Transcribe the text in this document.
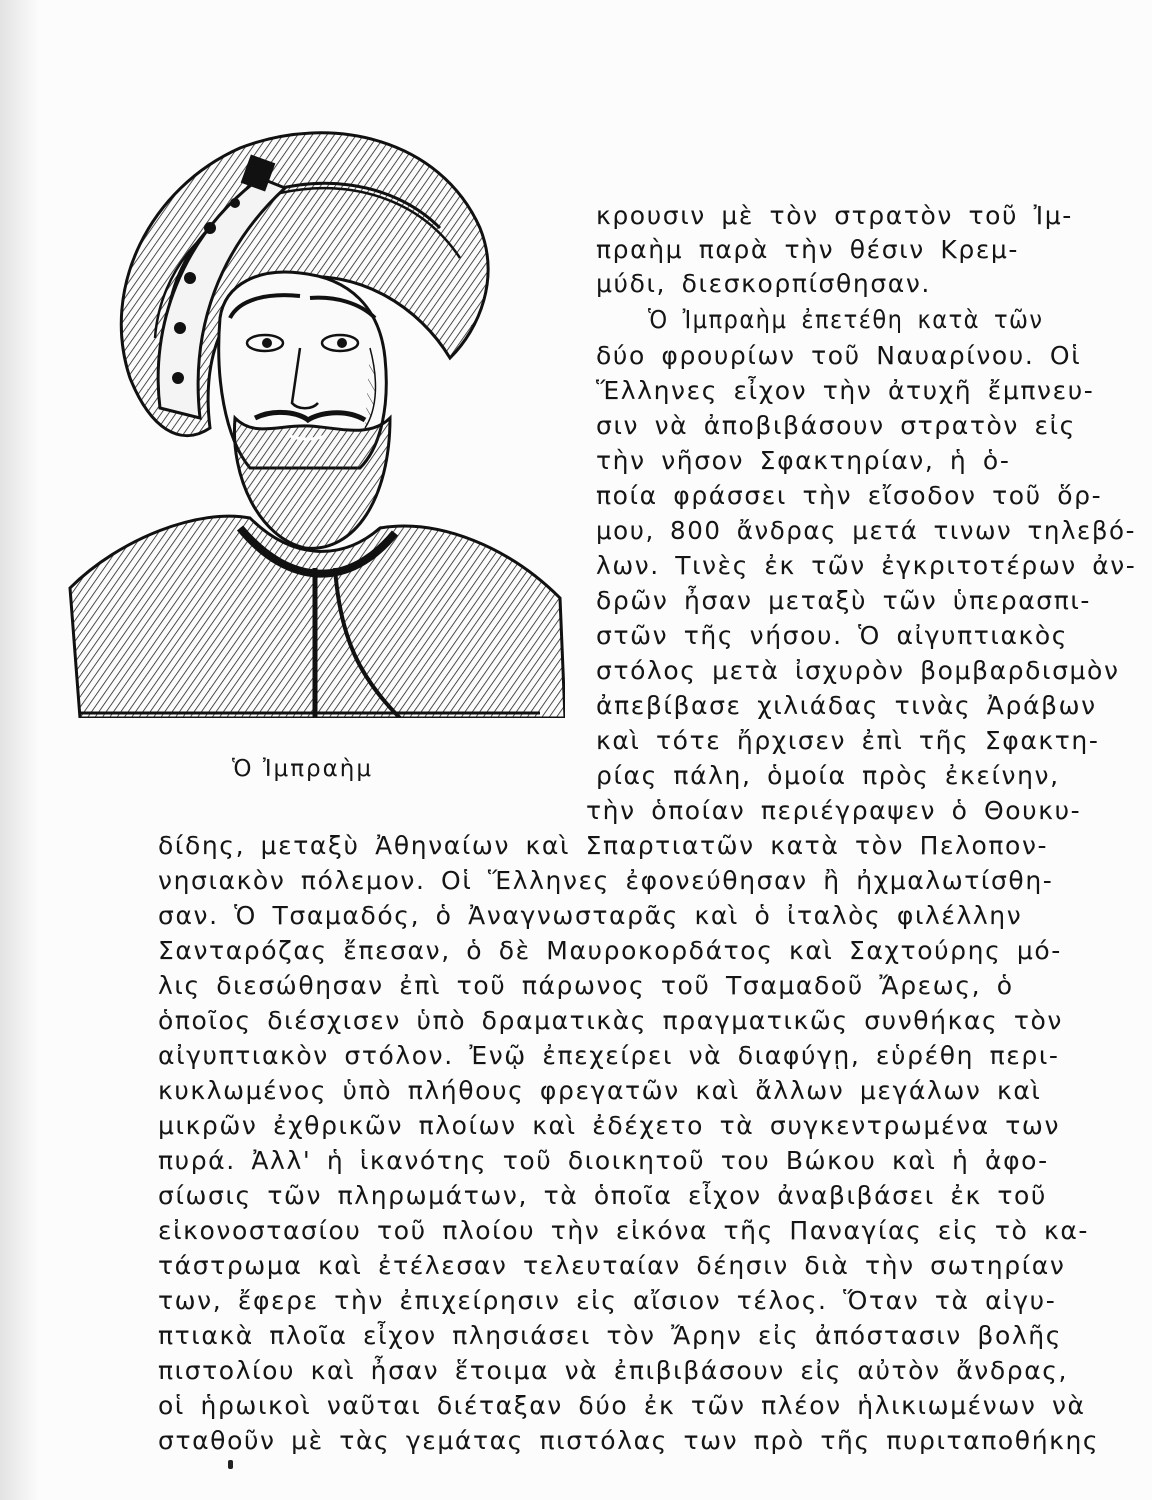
Ὁ Ἰμπραὴμ
κρουσιν μὲ τὸν στρατὸν τοῦ Ἰμ-
πραὴμ παρὰ τὴν θέσιν Κρεμ-
μύδι, διεσκορπίσθησαν.
Ὁ Ἰμπραὴμ ἐπετέθη κατὰ τῶν
δύο φρουρίων τοῦ Ναυαρίνου. Οἱ
Ἕλληνες εἶχον τὴν ἀτυχῆ ἔμπνευ-
σιν νὰ ἀποβιβάσουν στρατὸν εἰς
τὴν νῆσον Σφακτηρίαν, ἡ ὁ-
ποία φράσσει τὴν εἴσοδον τοῦ ὅρ-
μου, 800 ἄνδρας μετά τινων τηλεβό-
λων. Τινὲς ἐκ τῶν ἐγκριτοτέρων ἀν-
δρῶν ἦσαν μεταξὺ τῶν ὑπερασπι-
στῶν τῆς νήσου. Ὁ αἰγυπτιακὸς
στόλος μετὰ ἰσχυρὸν βομβαρδισμὸν
ἀπεβίβασε χιλιάδας τινὰς Ἀράβων
καὶ τότε ἤρχισεν ἐπὶ τῆς Σφακτη-
ρίας πάλη, ὁμοία πρὸς ἐκείνην,
τὴν ὁποίαν περιέγραψεν ὁ Θουκυ-
δίδης, μεταξὺ Ἀθηναίων καὶ Σπαρτιατῶν κατὰ τὸν Πελοπον-
νησιακὸν πόλεμον. Οἱ Ἕλληνες ἐφονεύθησαν ἢ ἠχμαλωτίσθη-
σαν. Ὁ Τσαμαδός, ὁ Ἀναγνωσταρᾶς καὶ ὁ ἰταλὸς φιλέλλην
Σανταρόζας ἔπεσαν, ὁ δὲ Μαυροκορδάτος καὶ Σαχτούρης μό-
λις διεσώθησαν ἐπὶ τοῦ πάρωνος τοῦ Τσαμαδοῦ Ἄρεως, ὁ
ὁποῖος διέσχισεν ὑπὸ δραματικὰς πραγματικῶς συνθήκας τὸν
αἰγυπτιακὸν στόλον. Ἐνῷ ἐπεχείρει νὰ διαφύγῃ, εὑρέθη περι-
κυκλωμένος ὑπὸ πλήθους φρεγατῶν καὶ ἄλλων μεγάλων καὶ
μικρῶν ἐχθρικῶν πλοίων καὶ ἐδέχετο τὰ συγκεντρωμένα των
πυρά. Ἀλλ' ἡ ἱκανότης τοῦ διοικητοῦ του Βώκου καὶ ἡ ἀφο-
σίωσις τῶν πληρωμάτων, τὰ ὁποῖα εἶχον ἀναβιβάσει ἐκ τοῦ
εἰκονοστασίου τοῦ πλοίου τὴν εἰκόνα τῆς Παναγίας εἰς τὸ κα-
τάστρωμα καὶ ἐτέλεσαν τελευταίαν δέησιν διὰ τὴν σωτηρίαν
των, ἔφερε τὴν ἐπιχείρησιν εἰς αἴσιον τέλος. Ὅταν τὰ αἰγυ-
πτιακὰ πλοῖα εἶχον πλησιάσει τὸν Ἄρην εἰς ἀπόστασιν βολῆς
πιστολίου καὶ ἦσαν ἕτοιμα νὰ ἐπιβιβάσουν εἰς αὐτὸν ἄνδρας,
οἱ ἡρωικοὶ ναῦται διέταξαν δύο ἐκ τῶν πλέον ἡλικιωμένων νὰ
σταθοῦν μὲ τὰς γεμάτας πιστόλας των πρὸ τῆς πυριταποθήκης
